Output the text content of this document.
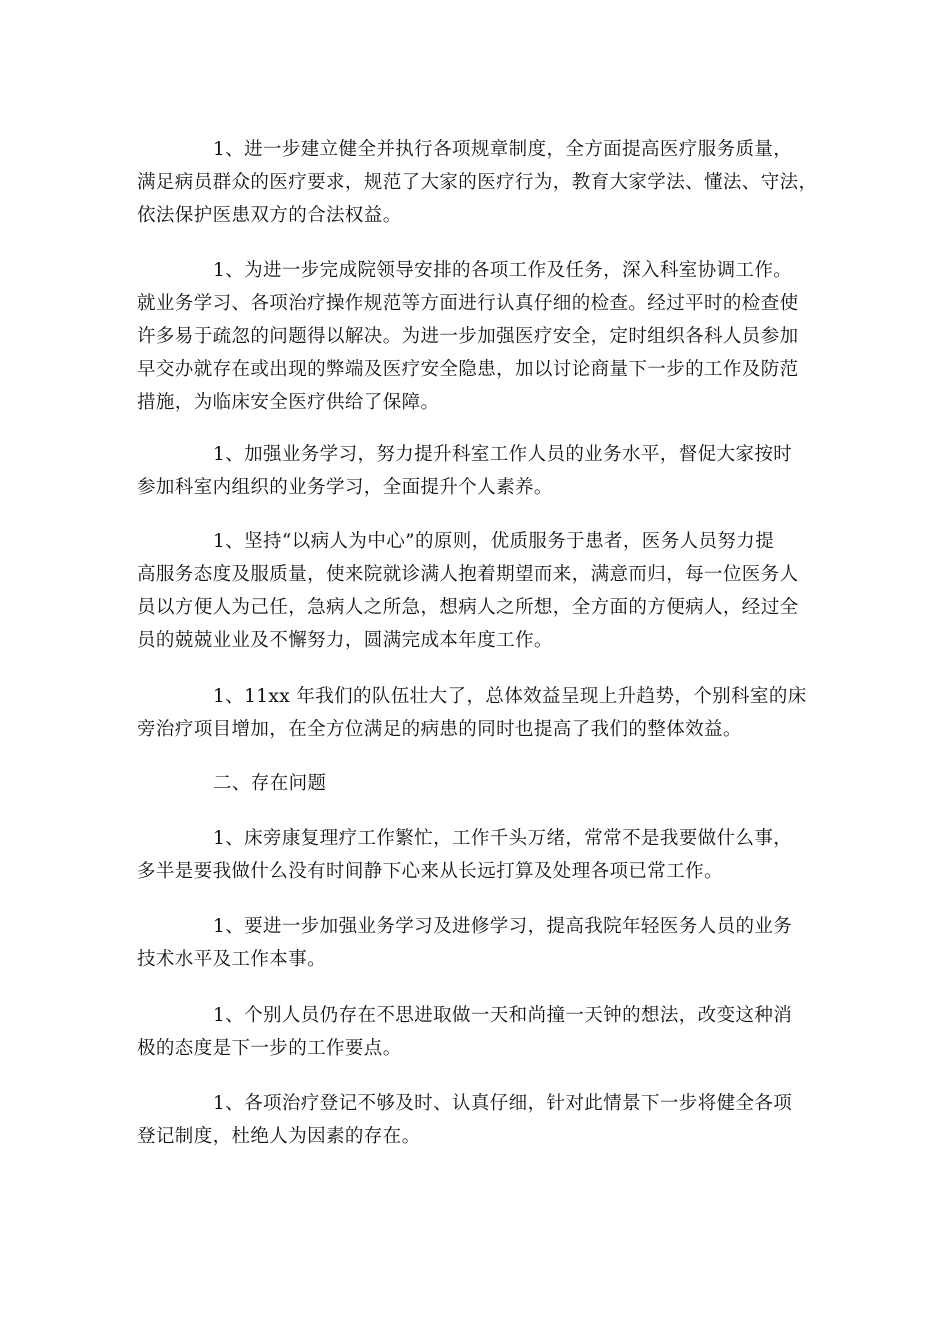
1、进一步建立健全并执行各项规章制度，全方面提高医疗服务质量，
满足病员群众的医疗要求，规范了大家的医疗行为，教育大家学法、懂法、守法，
依法保护医患双方的合法权益。
1、为进一步完成院领导安排的各项工作及任务，深入科室协调工作。
就业务学习、各项治疗操作规范等方面进行认真仔细的检查。经过平时的检查使
许多易于疏忽的问题得以解决。为进一步加强医疗安全，定时组织各科人员参加
早交办就存在或出现的弊端及医疗安全隐患，加以讨论商量下一步的工作及防范
措施，为临床安全医疗供给了保障。
1、加强业务学习，努力提升科室工作人员的业务水平，督促大家按时
参加科室内组织的业务学习，全面提升个人素养。
1、坚持“以病人为中心”的原则，优质服务于患者，医务人员努力提
高服务态度及服质量，使来院就诊满人抱着期望而来，满意而归，每一位医务人
员以方便人为己任，急病人之所急，想病人之所想，全方面的方便病人，经过全
员的兢兢业业及不懈努力，圆满完成本年度工作。
1、11xx 年我们的队伍壮大了，总体效益呈现上升趋势，个别科室的床
旁治疗项目增加，在全方位满足的病患的同时也提高了我们的整体效益。
二、存在问题
1、床旁康复理疗工作繁忙，工作千头万绪，常常不是我要做什么事，
多半是要我做什么没有时间静下心来从长远打算及处理各项已常工作。
1、要进一步加强业务学习及进修学习，提高我院年轻医务人员的业务
技术水平及工作本事。
1、个别人员仍存在不思进取做一天和尚撞一天钟的想法，改变这种消
极的态度是下一步的工作要点。
1、各项治疗登记不够及时、认真仔细，针对此情景下一步将健全各项
登记制度，杜绝人为因素的存在。
